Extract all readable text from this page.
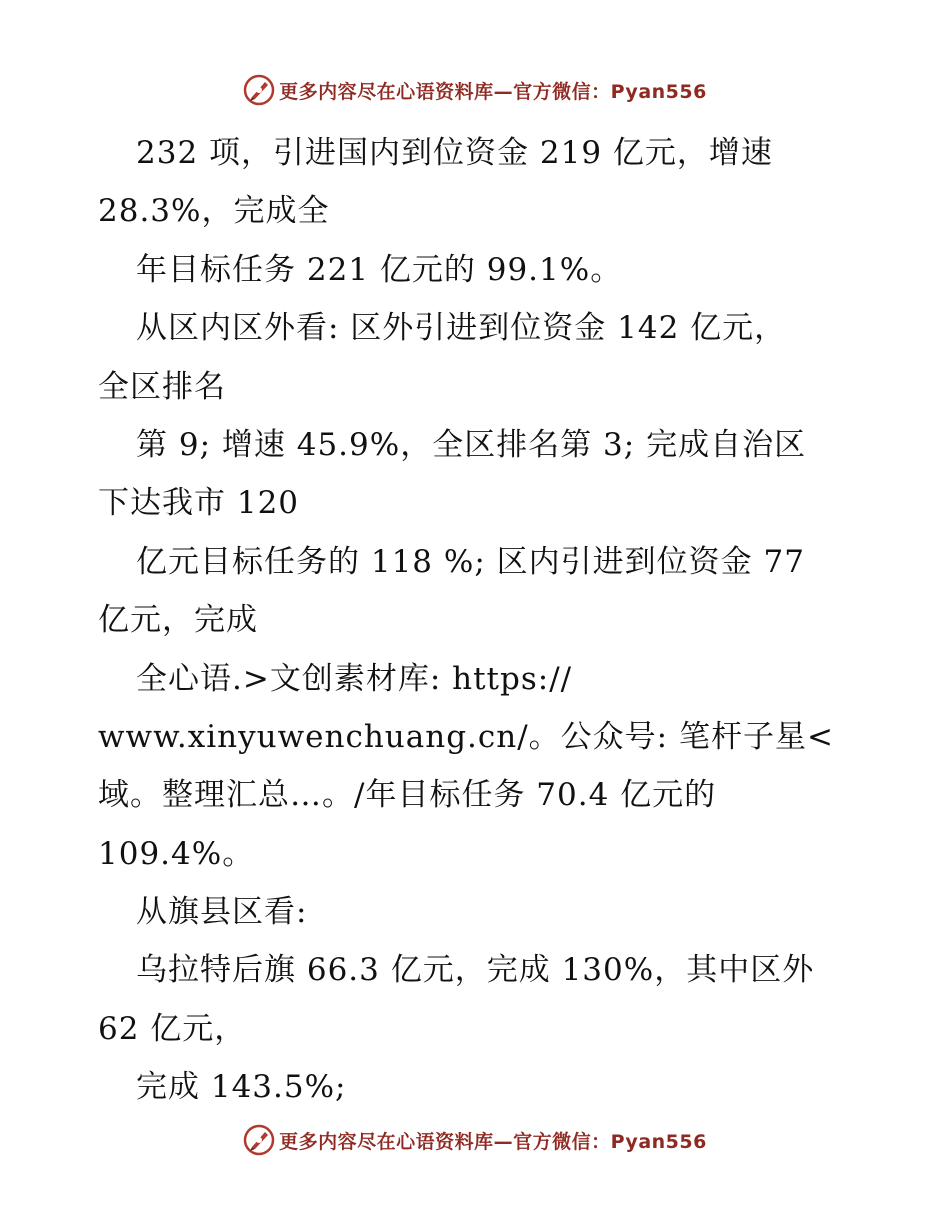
更多内容尽在心语资料库—官方微信：Pyan556
232 项，引进国内到位资金 219 亿元，增速
28.3%，完成全
年目标任务 221 亿元的 99.1%。
从区内区外看: 区外引进到位资金 142 亿元，
全区排名
第 9; 增速 45.9%，全区排名第 3; 完成自治区
下达我市 120
亿元目标任务的 118 %; 区内引进到位资金 77
亿元，完成
全心语.>文创素材库: https://
www.xinyuwenchuang.cn/。公众号: 笔杆子星<
域。整理汇总…。/年目标任务 70.4 亿元的
109.4%。
从旗县区看:
乌拉特后旗 66.3 亿元，完成 130%，其中区外
62 亿元，
完成 143.5%;
更多内容尽在心语资料库—官方微信：Pyan556
